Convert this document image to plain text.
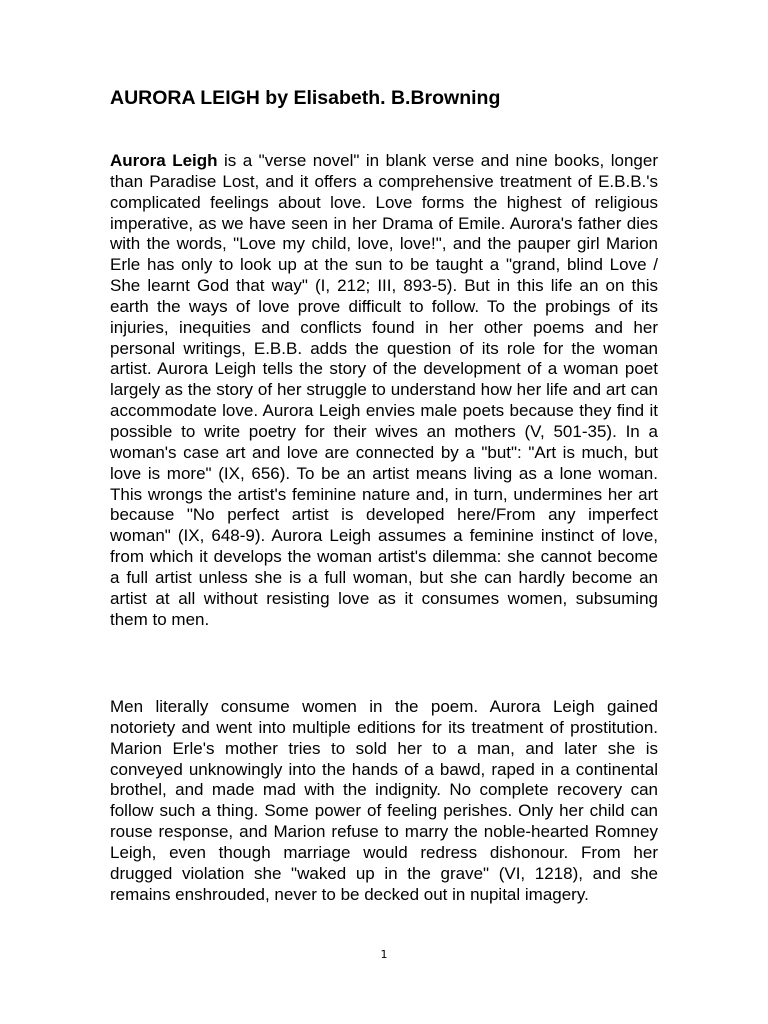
AURORA LEIGH by Elisabeth. B.Browning

Aurora Leigh is a "verse novel" in blank verse and nine books, longer than Paradise Lost, and it offers a comprehensive treatment of E.B.B.'s complicated feelings about love. Love forms the highest of religious imperative, as we have seen in her Drama of Emile. Aurora's father dies with the words, "Love my child, love, love!", and the pauper girl Marion Erle has only to look up at the sun to be taught a "grand, blind Love / She learnt God that way" (I, 212; III, 893-5). But in this life an on this earth the ways of love prove difficult to follow. To the probings of its injuries, inequities and conflicts found in her other poems and her personal writings, E.B.B. adds the question of its role for the woman artist. Aurora Leigh tells the story of the development of a woman poet largely as the story of her struggle to understand how her life and art can accommodate love. Aurora Leigh envies male poets because they find it possible to write poetry for their wives an mothers (V, 501-35). In a woman's case art and love are connected by a "but": "Art is much, but love is more" (IX, 656). To be an artist means living as a lone woman. This wrongs the artist's feminine nature and, in turn, undermines her art because "No perfect artist is developed here/From any imperfect woman" (IX, 648-9). Aurora Leigh assumes a feminine instinct of love, from which it develops the woman artist's dilemma: she cannot become a full artist unless she is a full woman, but she can hardly become an artist at all without resisting love as it consumes women, subsuming them to men.

Men literally consume women in the poem. Aurora Leigh gained notoriety and went into multiple editions for its treatment of prostitution. Marion Erle's mother tries to sold her to a man, and later she is conveyed unknowingly into the hands of a bawd, raped in a continental brothel, and made mad with the indignity. No complete recovery can follow such a thing. Some power of feeling perishes. Only her child can rouse response, and Marion refuse to marry the noble-hearted Romney Leigh, even though marriage would redress dishonour. From her drugged violation she "waked up in the grave" (VI, 1218), and she remains enshrouded, never to be decked out in nupital imagery.

1
